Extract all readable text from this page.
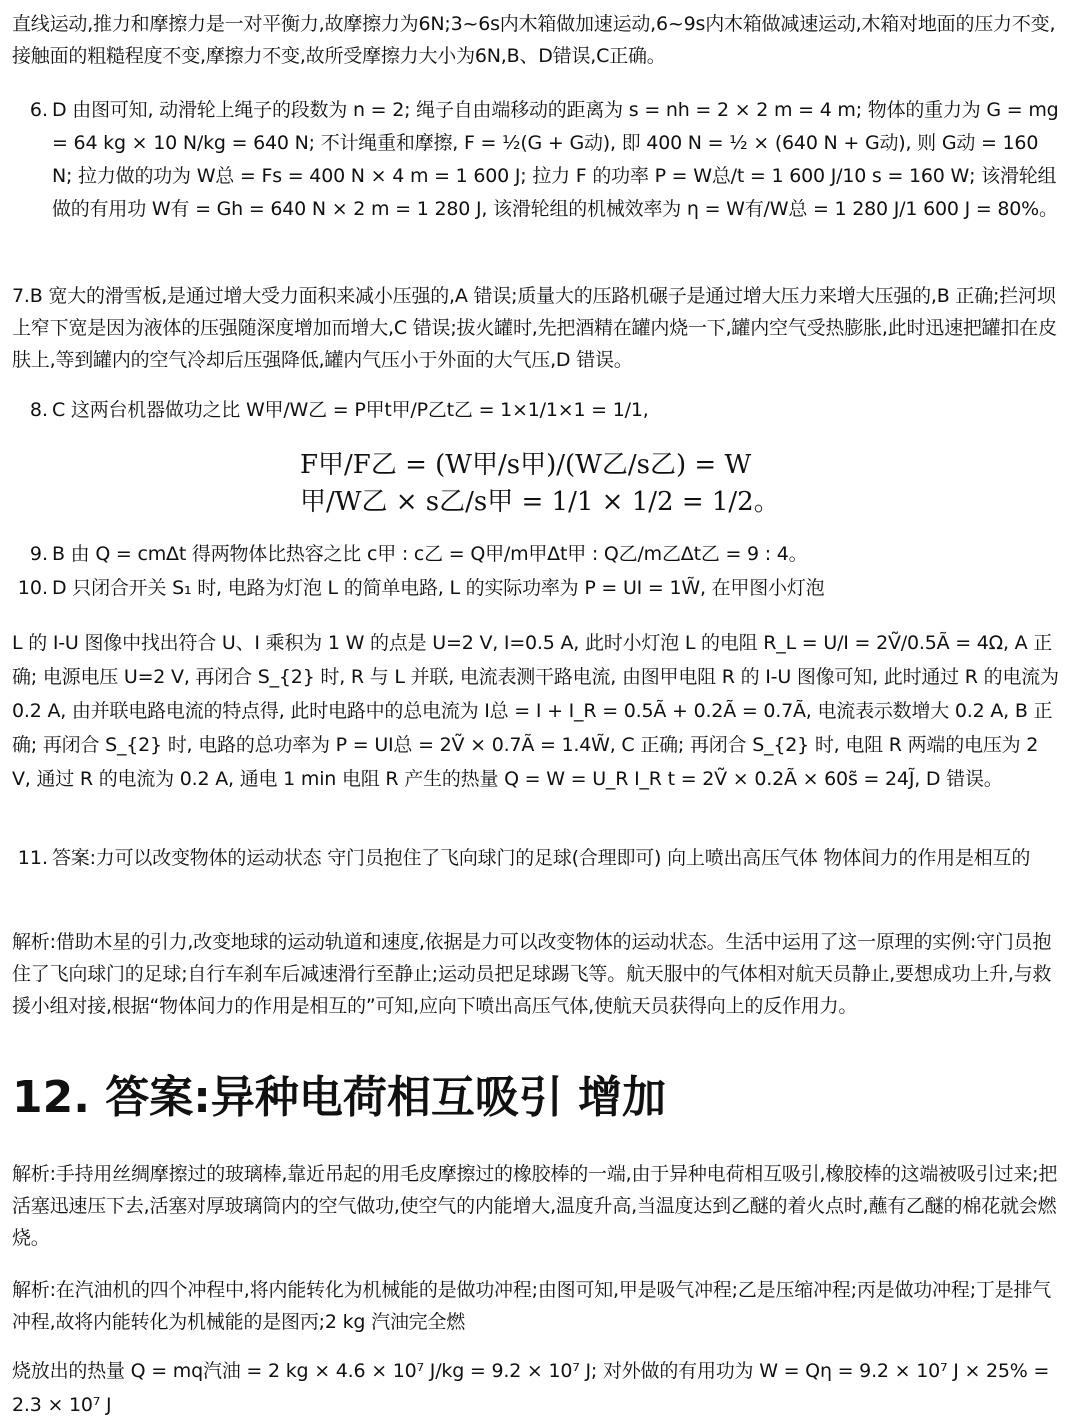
直线运动,推力和摩擦力是一对平衡力,故摩擦力为6N;3~6s内木箱做加速运动,6~9s内木箱做减速运动,木箱对地面的压力不变,接触面的粗糙程度不变,摩擦力不变,故所受摩擦力大小为6N,B、D错误,C正确。

6. D 由图可知, 动滑轮上绳子的段数为 n = 2; 绳子自由端移动的距离为 s = nh = 2 × 2 m = 4 m; 物体的重力为 G = mg = 64 kg × 10 N/kg = 640 N; 不计绳重和摩擦, F = ½(G + G动), 即 400 N = ½ × (640 N + G动), 则 G动 = 160 N; 拉力做的功为 W总 = Fs = 400 N × 4 m = 1 600 J; 拉力 F 的功率 P = W总/t = 1 600 J/10 s = 160 W; 该滑轮组做的有用功 W有 = Gh = 640 N × 2 m = 1 280 J, 该滑轮组的机械效率为 η = W有/W总 = 1 280 J/1 600 J = 80%。

7.B 宽大的滑雪板,是通过增大受力面积来减小压强的,A 错误;质量大的压路机碾子是通过增大压力来增大压强的,B 正确;拦河坝上窄下宽是因为液体的压强随深度增加而增大,C 错误;拔火罐时,先把酒精在罐内烧一下,罐内空气受热膨胀,此时迅速把罐扣在皮肤上,等到罐内的空气冷却后压强降低,罐内气压小于外面的大气压,D 错误。

8. C 这两台机器做功之比 W甲/W乙 = P甲t甲/P乙t乙 = 1×1/1×1 = 1/1,

F甲/F乙 = (W甲/s甲)/(W乙/s乙) = W甲/W乙 × s乙/s甲 = 1/1 × 1/2 = 1/2。
9. B 由 Q = cmΔt 得两物体比热容之比 c甲 : c乙 = Q甲/m甲Δt甲 : Q乙/m乙Δt乙 = 9 : 4。

10. D 只闭合开关 S₁ 时, 电路为灯泡 L 的简单电路, L 的实际功率为 P = UI = 1W̃, 在甲图小灯泡

L 的 I-U 图像中找出符合 U、I 乘积为 1 W 的点是 U=2 V, I=0.5 A, 此时小灯泡 L 的电阻 R_L = U/I = 2Ṽ/0.5Ã = 4Ω, A 正确; 电源电压 U=2 V, 再闭合 S_{2} 时, R 与 L 并联, 电流表测干路电流, 由图甲电阻 R 的 I-U 图像可知, 此时通过 R 的电流为 0.2 A, 由并联电路电流的特点得, 此时电路中的总电流为 I总 = I + I_R = 0.5Ã + 0.2Ã = 0.7Ã, 电流表示数增大 0.2 A, B 正确; 再闭合 S_{2} 时, 电路的总功率为 P = UI总 = 2Ṽ × 0.7Ã = 1.4W̃, C 正确; 再闭合 S_{2} 时, 电阻 R 两端的电压为 2 V, 通过 R 的电流为 0.2 A, 通电 1 min 电阻 R 产生的热量 Q = W = U_R I_R t = 2Ṽ × 0.2Ã × 60s̃ = 24J̃, D 错误。

11. 答案:力可以改变物体的运动状态 守门员抱住了飞向球门的足球(合理即可) 向上喷出高压气体 物体间力的作用是相互的

解析:借助木星的引力,改变地球的运动轨道和速度,依据是力可以改变物体的运动状态。生活中运用了这一原理的实例:守门员抱住了飞向球门的足球;自行车刹车后减速滑行至静止;运动员把足球踢飞等。航天服中的气体相对航天员静止,要想成功上升,与救援小组对接,根据“物体间力的作用是相互的”可知,应向下喷出高压气体,使航天员获得向上的反作用力。

12. 答案:异种电荷相互吸引 增加

解析:手持用丝绸摩擦过的玻璃棒,靠近吊起的用毛皮摩擦过的橡胶棒的一端,由于异种电荷相互吸引,橡胶棒的这端被吸引过来;把活塞迅速压下去,活塞对厚玻璃筒内的空气做功,使空气的内能增大,温度升高,当温度达到乙醚的着火点时,蘸有乙醚的棉花就会燃烧。

解析:在汽油机的四个冲程中,将内能转化为机械能的是做功冲程;由图可知,甲是吸气冲程;乙是压缩冲程;丙是做功冲程;丁是排气冲程,故将内能转化为机械能的是图丙;2 kg 汽油完全燃

烧放出的热量 Q = mq汽油 = 2 kg × 4.6 × 10⁷ J/kg = 9.2 × 10⁷ J; 对外做的有用功为 W = Qη = 9.2 × 10⁷ J × 25% = 2.3 × 10⁷ J
